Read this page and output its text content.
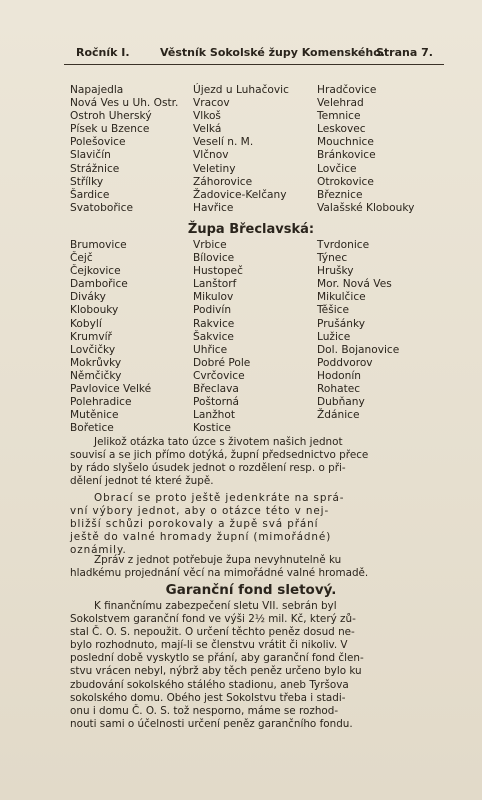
Ročník I.	Věstník Sokolské župy Komenského.
Strana 7.
Napajedla
Nová Ves u Uh. Ostr.
Ostroh Uherský
Písek u Bzence
Polešovice
Slavičín
Strážnice
Střílky
Šardice
Svatobořice
Újezd u Luhačovic
Vracov
Vlkoš
Velká
Veselí n. M.
Vlčnov
Veletiny
Záhorovice
Žadovice-Kelčany
Havřice
Hradčovice
Velehrad
Temnice
Leskovec
Mouchnice
Bránkovice
Lovčice
Otrokovice
Březnice
Valašské Klobouky
Župa Břeclavská:
Brumovice
Čejč
Čejkovice
Dambořice
Diváky
Klobouky
Kobylí
Krumvíř
Lovčičky
Mokrůvky
Němčičky
Pavlovice Velké
Polehradice
Mutěnice
Bořetice
Vrbice
Bílovice
Hustopeč
Lanštorf
Mikulov
Podivín
Rakvice
Šakvice
Uhřice
Dobré Pole
Cvrčovice
Břeclava
Poštorná
Lanžhot
Kostice
Tvrdonice
Týnec
Hrušky
Mor. Nová Ves
Mikulčice
Těšice
Prušánky
Lužice
Dol. Bojanovice
Poddvorov
Hodonín
Rohatec
Dubňany
Ždánice
Jelikož otázka tato úzce s životem našich jednot
souvisí a se jich přímo dotýká, župní předsednictvo přece
by rádo slyšelo úsudek jednot o rozdělení resp. o při-
dělení jednot té které župě.
Obrací se proto ještě jedenkráte na sprá-
vní výbory jednot, aby o otázce této v nej-
bližší schůzi porokovaly a župě svá přání
ještě do valné hromady župní (mimořádné)
oznámily.
Zpráv z jednot potřebuje župa nevyhnutelně ku
hladkému projednání věcí na mimořádné valné hromadě.
Garanční fond sletový.
K finančnímu zabezpečení sletu VII. sebrán byl
Sokolstvem garanční fond ve výši 2½ mil. Kč, který zů-
stal Č. O. S. nepoužit. O určení těchto peněz dosud ne-
bylo rozhodnuto, mají-li se členstvu vrátit či nikoliv. V
poslední době vyskytlo se přání, aby garanční fond člen-
stvu vrácen nebyl, nýbrž aby těch peněz určeno bylo ku
zbudování sokolského stálého stadionu, aneb Tyršova
sokolského domu. Obého jest Sokolstvu třeba i stadi-
onu i domu Č. O. S. tož nesporno, máme se rozhod-
nouti sami o účelnosti určení peněz garančního fondu.
